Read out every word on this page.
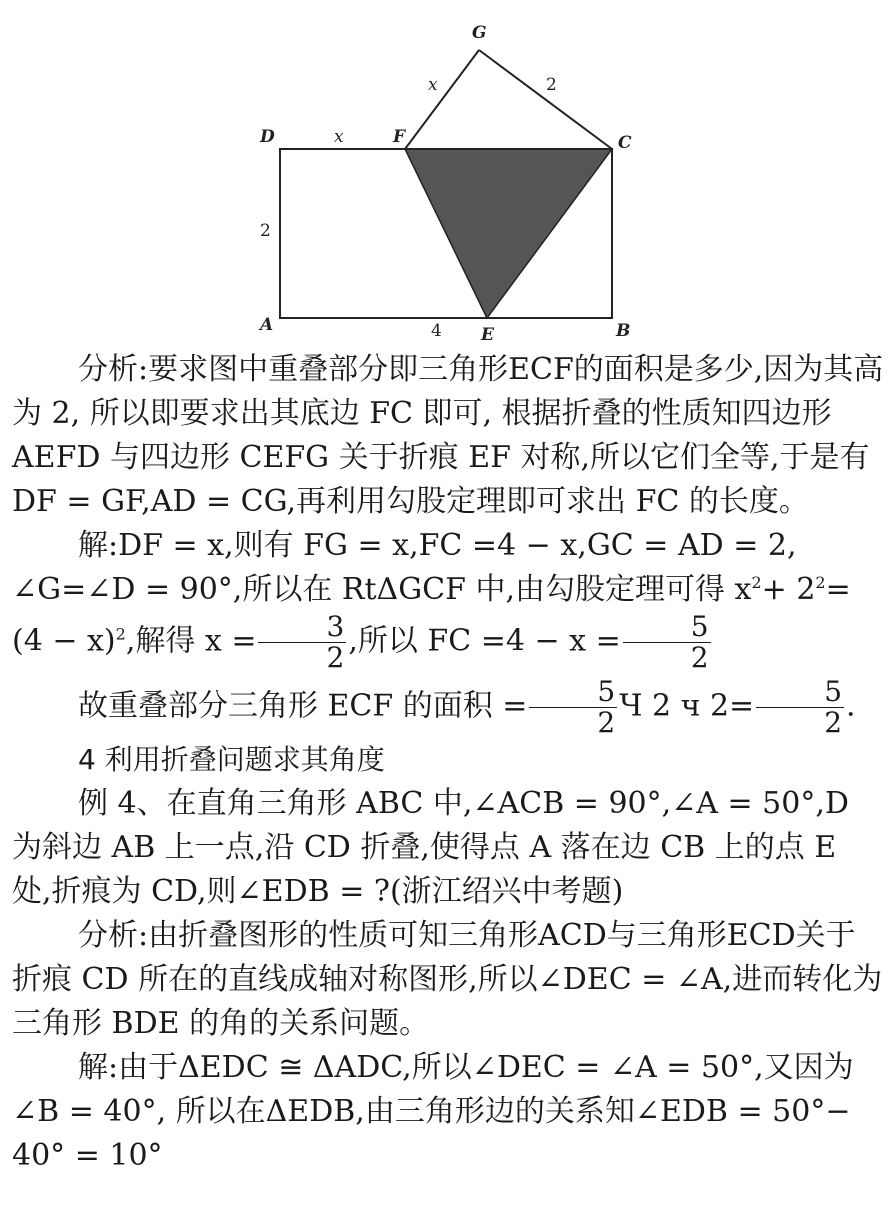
G
D	F	C
A	E	B
x	2
x
2
4

分析:要求图中重叠部分即三角形ECF的面积是多少,因为其高为 2, 所以即要求出其底边 FC 即可, 根据折叠的性质知四边形 AEFD 与四边形 CEFG 关于折痕 EF 对称,所以它们全等,于是有 DF = GF,AD = CG,再利用勾股定理即可求出 FC 的长度。

解:DF = x,则有 FG = x,FC =4 − x,GC = AD = 2, ∠G=∠D = 90°,所以在 RtΔGCF 中,由勾股定理可得 $x^2+ 2^2= (4 - x)^2$,解得 $x = \frac{3}{2}$ ,所以 FC $=4 - x = \frac{5}{2}$

故重叠部分三角形 ECF 的面积 = $\frac{5}{2}$ Ч 2 ч $2= \frac{5}{2}$ .

4 利用折叠问题求其角度

例 4、在直角三角形 ABC 中,∠ACB = 90°,∠A = 50°,D 为斜边 AB 上一点,沿 CD 折叠,使得点 A 落在边 CB 上的点 E 处,折痕为 CD,则∠EDB = ?(浙江绍兴中考题)

分析:由折叠图形的性质可知三角形ACD与三角形ECD关于折痕 CD 所在的直线成轴对称图形,所以∠DEC = ∠A,进而转化为三角形 BDE 的角的关系问题。

解:由于ΔEDC ≅ ΔADC,所以∠DEC = ∠A = 50°,又因为∠B = 40°, 所以在ΔEDB,由三角形边的关系知∠EDB = 50°− 40° = 10°
